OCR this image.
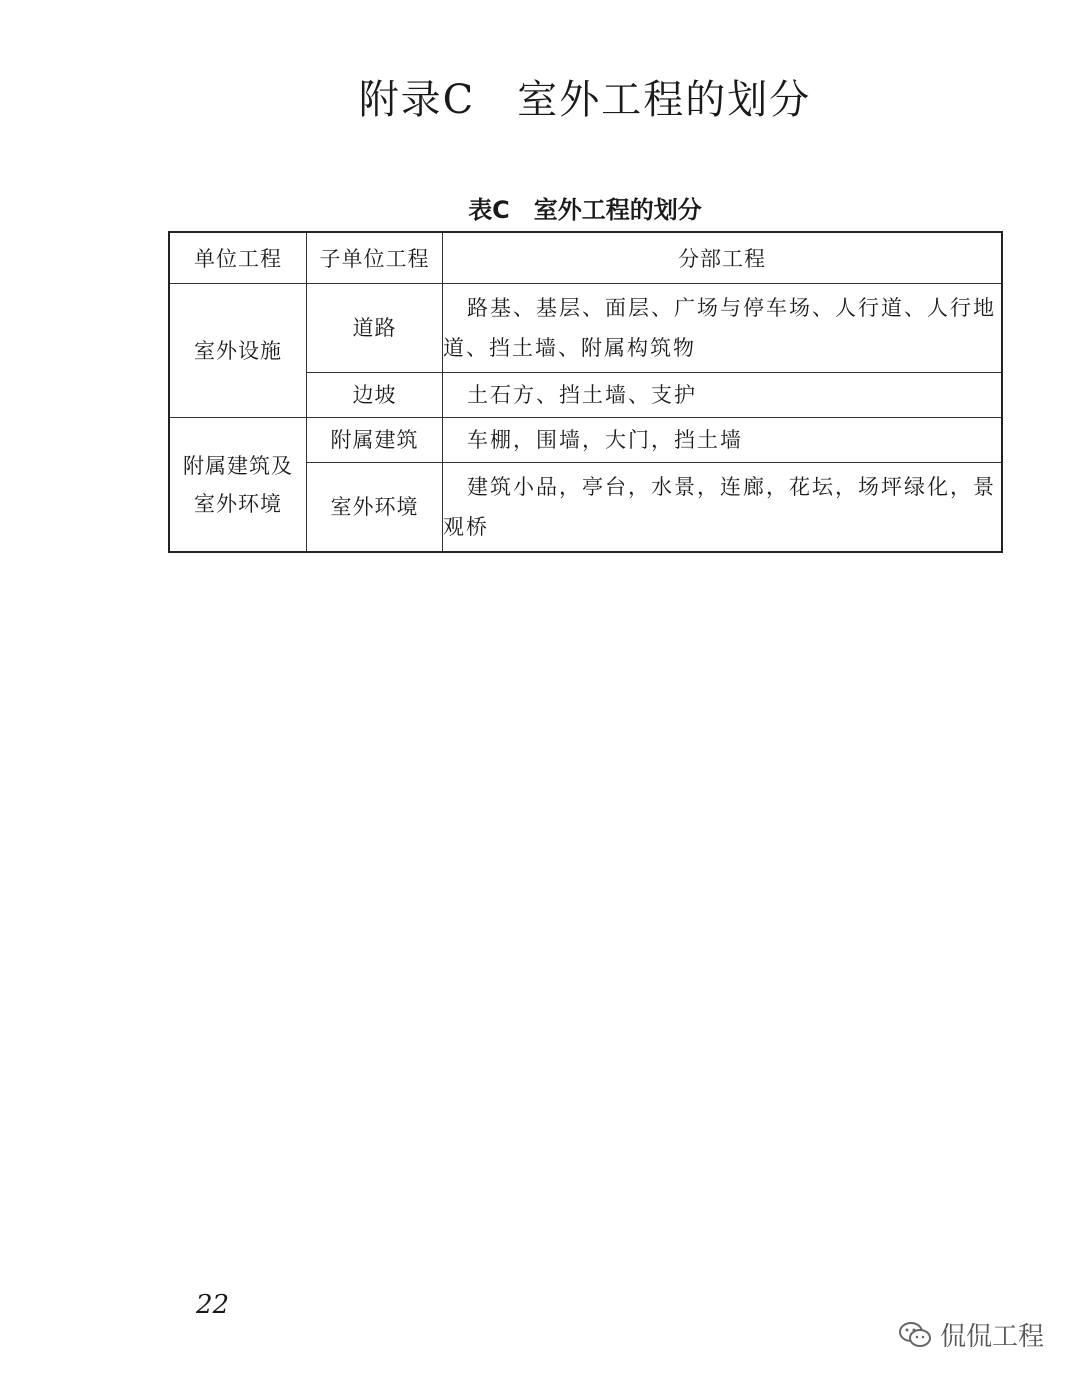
附录C　室外工程的划分
表C　室外工程的划分
单位工程	子单位工程	分部工程
室外设施	道路	路基、基层、面层、广场与停车场、人行道、人行地道、挡土墙、附属构筑物
	边坡	土石方、挡土墙、支护
附属建筑及室外环境	附属建筑	车棚，围墙，大门，挡土墙
	室外环境	建筑小品，亭台，水景，连廊，花坛，场坪绿化，景观桥
22
侃侃工程
